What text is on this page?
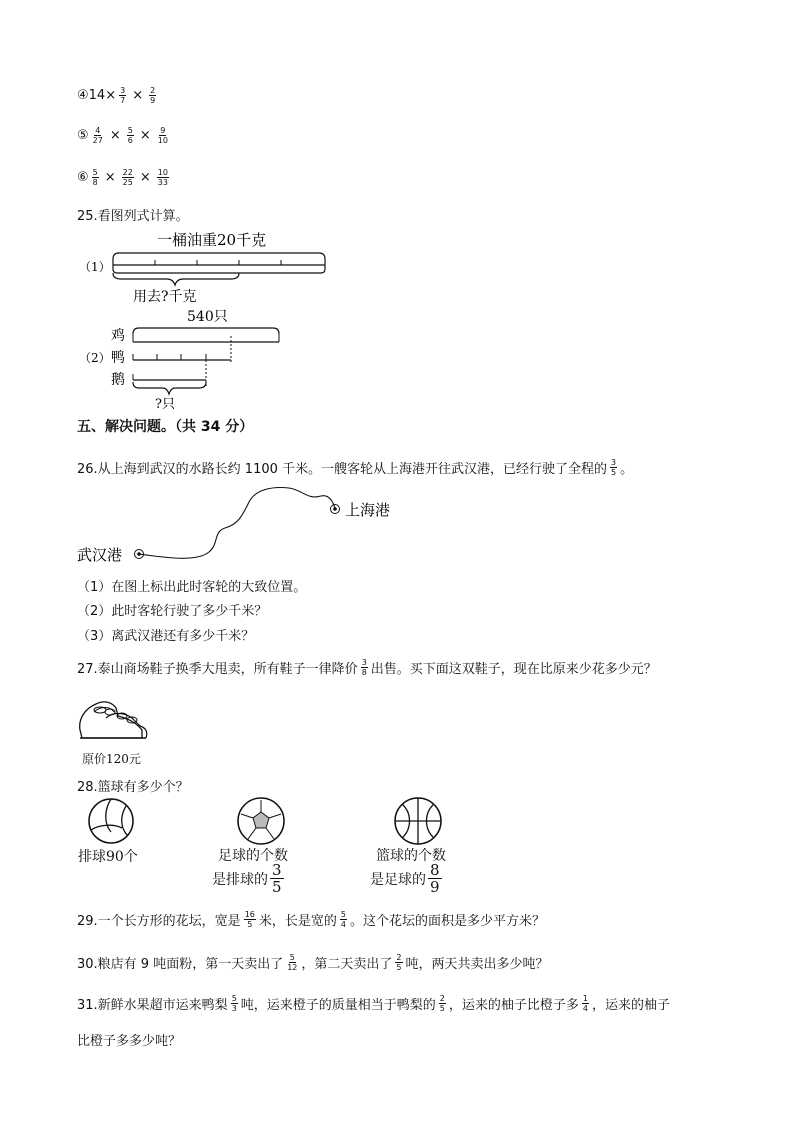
④14× $\frac{3}{7} \times \frac{2}{9}$
⑤ $\frac{4}{27} \times \frac{5}{6} \times \frac{9}{10}$
⑥ $\frac{5}{8} \times \frac{22}{25} \times \frac{10}{33}$
25.看图列式计算。
一桶油重20千克
（1）
用去?千克
540只
鸡
（2） 鸭
鹅
?只
五、解决问题。（共 34 分）
26.从上海到武汉的水路长约 1100 千米。一艘客轮从上海港开往武汉港，已经行驶了全程的 $\frac{3}{5}$ 。
上海港
武汉港
（1）在图上标出此时客轮的大致位置。
（2）此时客轮行驶了多少千米？
（3）离武汉港还有多少千米？
27.泰山商场鞋子换季大甩卖，所有鞋子一律降价 $\frac{3}{8}$ 出售。买下面这双鞋子，现在比原来少花多少元？
原价120元
28.篮球有多少个？
排球90个	足球的个数
是排球的 $\frac{3}{5}$
篮球的个数
是足球的 $\frac{8}{9}$
29.一个长方形的花坛，宽是 $\frac{16}{5}$ 米，长是宽的 $\frac{5}{4}$ 。这个花坛的面积是多少平方米？
30.粮店有 9 吨面粉，第一天卖出了 $\frac{5}{12}$ ，第二天卖出了 $\frac{2}{5}$ 吨，两天共卖出多少吨？
31.新鲜水果超市运来鸭梨 $\frac{5}{3}$ 吨，运来橙子的质量相当于鸭梨的 $\frac{2}{5}$ ，运来的柚子比橙子多 $\frac{1}{4}$ ，运来的柚子
比橙子多多少吨？
